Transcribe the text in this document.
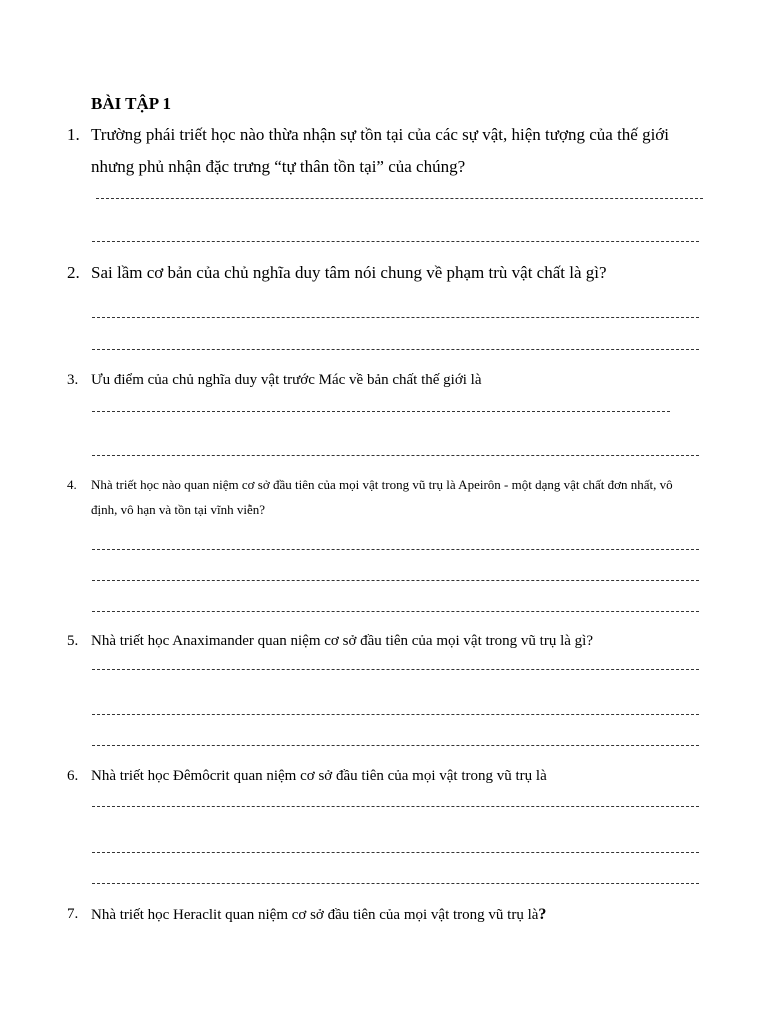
BÀI TẬP 1
1. Trường phái triết học nào thừa nhận sự tồn tại của các sự vật, hiện tượng của thế giới
nhưng phủ nhận đặc trưng “tự thân tồn tại” của chúng?
2. Sai lầm cơ bản của chủ nghĩa duy tâm nói chung về phạm trù vật chất là gì?
3. Ưu điểm của chủ nghĩa duy vật trước Mác về bản chất thế giới là
4. Nhà triết học nào quan niệm cơ sở đầu tiên của mọi vật trong vũ trụ là Apeirôn - một dạng vật chất đơn nhất, vô
định, vô hạn và tồn tại vĩnh viễn?
5. Nhà triết học Anaximander quan niệm cơ sở đầu tiên của mọi vật trong vũ trụ là gì?
6. Nhà triết học Đêmôcrit quan niệm cơ sở đầu tiên của mọi vật trong vũ trụ là
7. Nhà triết học Heraclit quan niệm cơ sở đầu tiên của mọi vật trong vũ trụ là?
